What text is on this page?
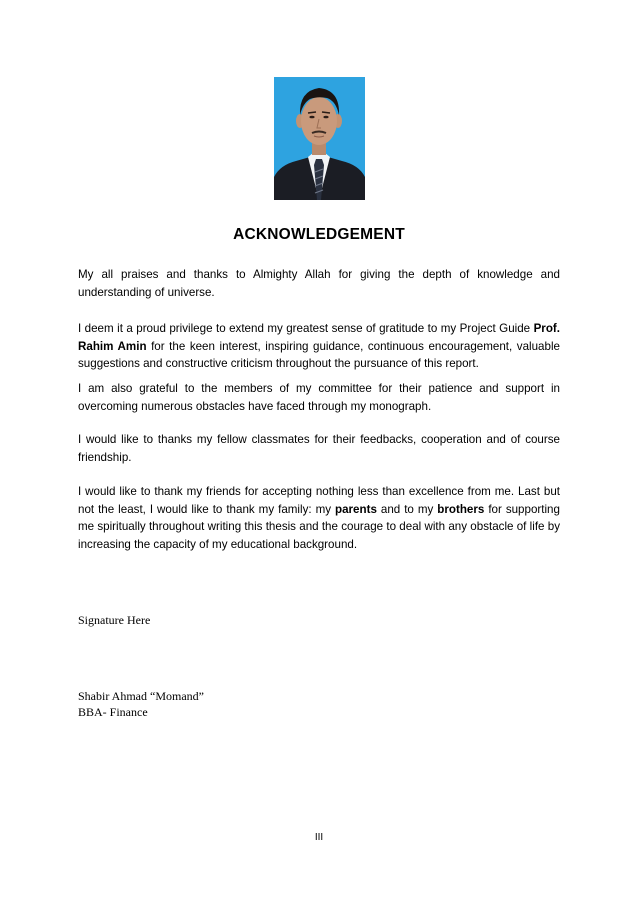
ACKNOWLEDGEMENT

My all praises and thanks to Almighty Allah for giving the depth of knowledge and understanding of universe.

I deem it a proud privilege to extend my greatest sense of gratitude to my Project Guide Prof. Rahim Amin for the keen interest, inspiring guidance, continuous encouragement, valuable suggestions and constructive criticism throughout the pursuance of this report.

I am also grateful to the members of my committee for their patience and support in overcoming numerous obstacles have faced through my monograph.

I would like to thanks my fellow classmates for their feedbacks, cooperation and of course friendship.

I would like to thank my friends for accepting nothing less than excellence from me. Last but not the least, I would like to thank my family: my parents and to my brothers for supporting me spiritually throughout writing this thesis and the courage to deal with any obstacle of life by increasing the capacity of my educational background.

Signature Here
Shabir Ahmad “Momand”
BBA- Finance
III
